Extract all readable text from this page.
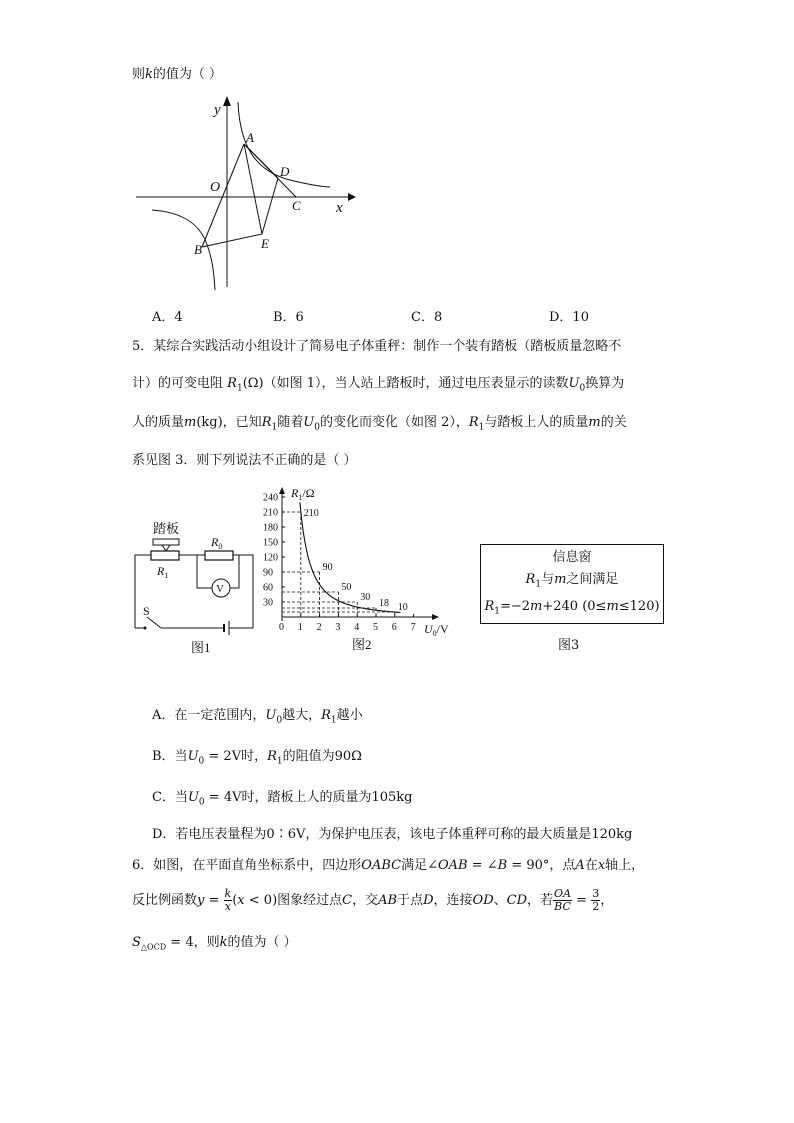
则k的值为（ ）
y
x
O
A
D
C
B	E
A．4	B．6	C．8	D．10
5．某综合实践活动小组设计了简易电子体重秤：制作一个装有踏板（踏板质量忽略不
计）的可变电阻 $R_1(\Omega)$（如图 1），当人站上踏板时，通过电压表显示的读数$U_0$换算为
人的质量m(kg)，已知$R_1$随着$U_0$的变化而变化（如图 2），$R_1$与踏板上人的质量m的关
系见图 3．则下列说法不正确的是（ ）
踏板
$R_1$
$R_0$
V
S
图1
240
210
180
150
120
90
60
30
1 2 3 4 5 6 7
210
90
50
30
18 10
$R_1/\Omega$
$U_0/V$
0
图2
信息窗
$R_1$与m之间满足
$R_1=-2m+240$ (0≤m≤120)
图3
A．在一定范围内，$U_0$越大，$R_1$越小
B．当$U_0 = 2V$时，$R_1$的阻值为90Ω
C．当$U_0 = 4V$时，踏板上人的质量为105kg
D．若电压表量程为0∶6V，为保护电压表，该电子体重秤可称的最大质量是120kg
6．如图，在平面直角坐标系中，四边形OABC满足∠OAB = ∠B = 90°，点A在x轴上，
反比例函数$y = \frac{k}{x} (x < 0)$图象经过点C，交AB于点D，连接OD、CD，若 $\frac{OA}{BC} = \frac{3}{2}$ ，
$S_{\triangle OCD} = 4$，则k的值为（ ）
